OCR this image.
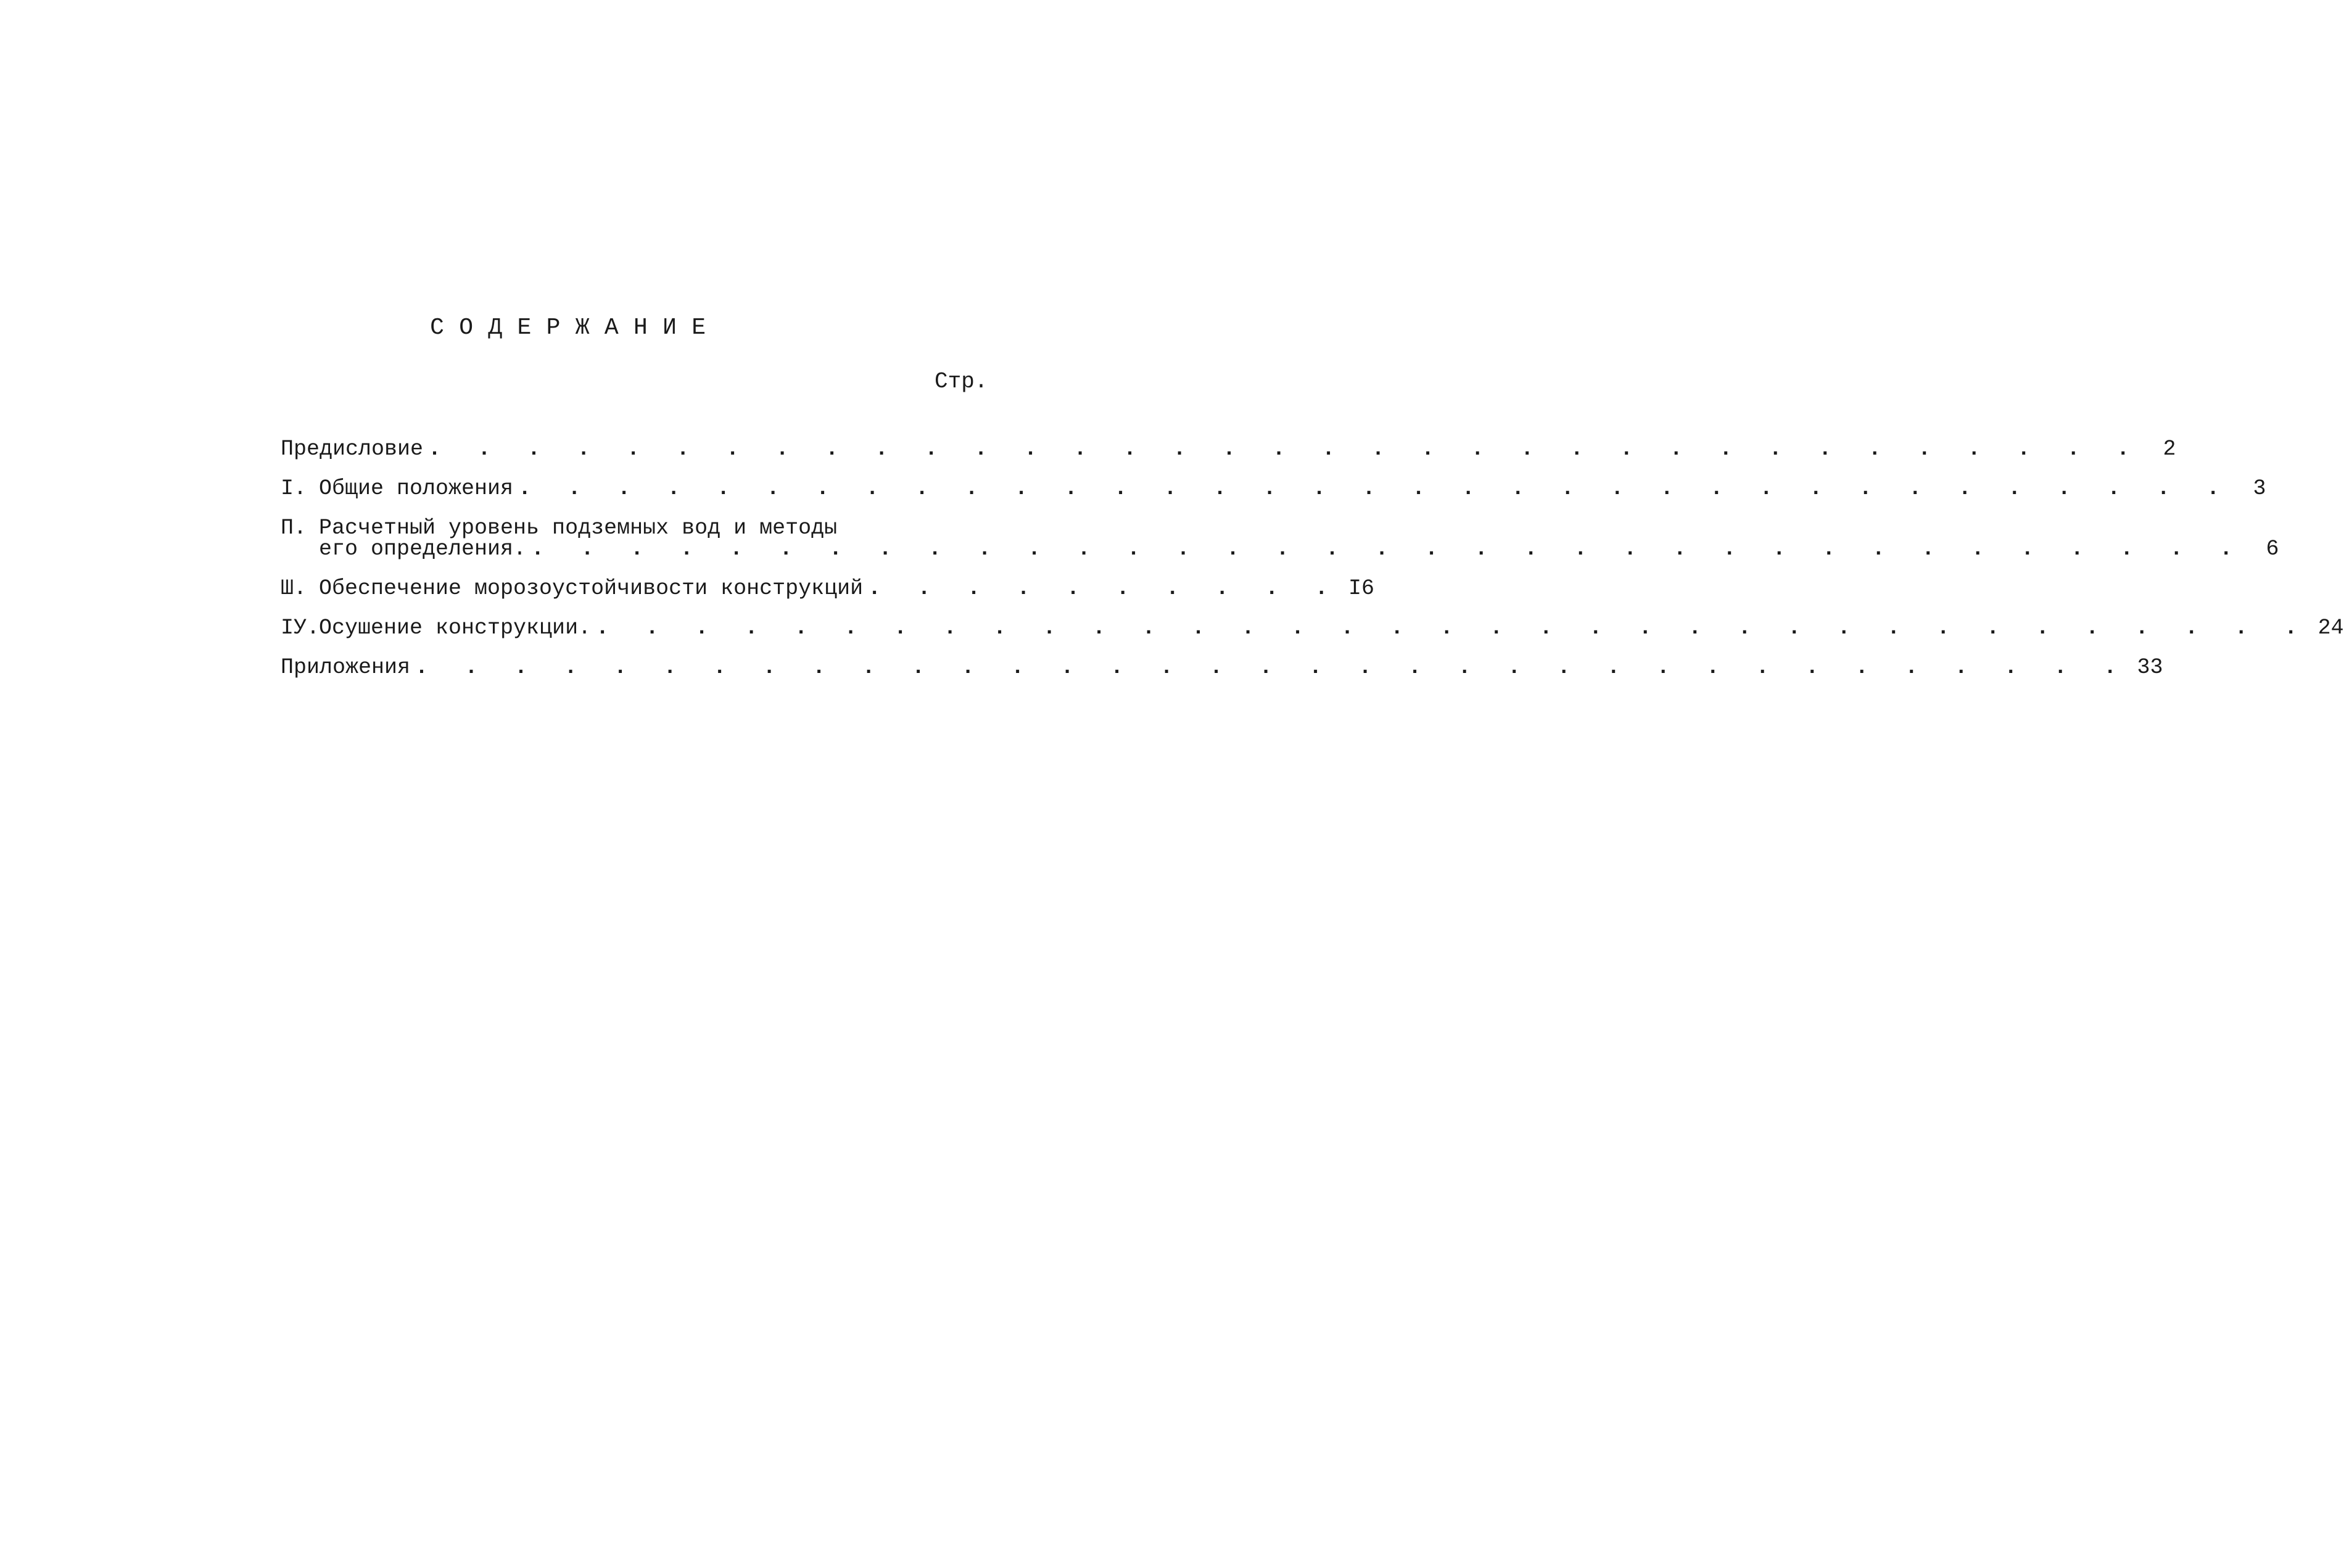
С О Д Е Р Ж А Н И Е
Стр.
Предисловие . . . . . . . . . . . . . . . . . . . . . . . . . . . . . . . . . . . 2
I. Общие положения . . . . . . . . . . . . . . . . . . . . . . . . . . . . . . . . . . . 3
П. Расчетный уровень подземных вод и методы
его определения. . . . . . . . . . . . . . . . . . . . . . . . . . . . . . . . . . . . 6
Ш. Обеспечение морозоустойчивости конструкций . . . . . . . . . . I6
IУ.
Осушение конструкции. . . . . . . . . . . . . . . . . . . . . . . . . . . . . . . . . . . . 24
Приложения . . . . . . . . . . . . . . . . . . . . . . . . . . . . . . . . . . . 33
